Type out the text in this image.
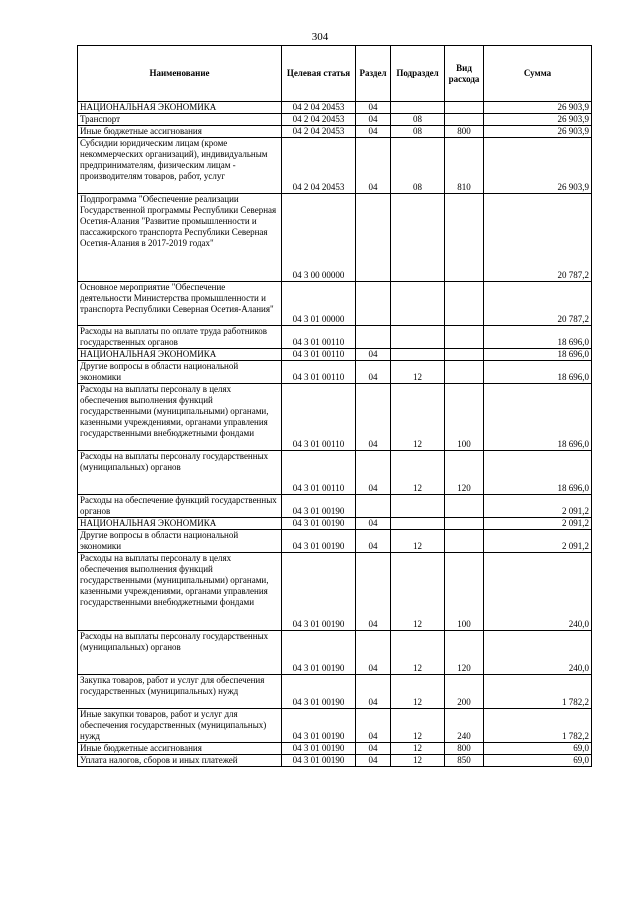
304
Наименование	Целевая статья	Раздел	Подраздел	Вид расхода	Сумма
НАЦИОНАЛЬНАЯ ЭКОНОМИКА	04 2 04 20453	04			26 903,9
Транспорт	04 2 04 20453	04	08		26 903,9
Иные бюджетные ассигнования	04 2 04 20453	04	08	800	26 903,9
Субсидии юридическим лицам (кроме некоммерческих организаций), индивидуальным предпринимателям, физическим лицам - производителям товаров, работ, услуг	04 2 04 20453	04	08	810	26 903,9
Подпрограмма "Обеспечение реализации Государственной программы Республики Северная Осетия-Алания "Развитие промышленности и пассажирского транспорта Республики Северная Осетия-Алания в 2017-2019 годах"	04 3 00 00000				20 787,2
Основное мероприятие "Обеспечение деятельности Министерства промышленности и транспорта Республики Северная Осетия-Алания"	04 3 01 00000				20 787,2
Расходы на выплаты по оплате труда работников государственных органов	04 3 01 00110				18 696,0
НАЦИОНАЛЬНАЯ ЭКОНОМИКА	04 3 01 00110	04			18 696,0
Другие вопросы в области национальной экономики	04 3 01 00110	04	12		18 696,0
Расходы на выплаты персоналу в целях обеспечения выполнения функций государственными (муниципальными) органами, казенными учреждениями, органами управления государственными внебюджетными фондами	04 3 01 00110	04	12	100	18 696,0
Расходы на выплаты персоналу государственных (муниципальных) органов	04 3 01 00110	04	12	120	18 696,0
Расходы на обеспечение функций государственных органов	04 3 01 00190				2 091,2
НАЦИОНАЛЬНАЯ ЭКОНОМИКА	04 3 01 00190	04			2 091,2
Другие вопросы в области национальной экономики	04 3 01 00190	04	12		2 091,2
Расходы на выплаты персоналу в целях обеспечения выполнения функций государственными (муниципальными) органами, казенными учреждениями, органами управления государственными внебюджетными фондами	04 3 01 00190	04	12	100	240,0
Расходы на выплаты персоналу государственных (муниципальных) органов	04 3 01 00190	04	12	120	240,0
Закупка товаров, работ и услуг для обеспечения государственных (муниципальных) нужд	04 3 01 00190	04	12	200	1 782,2
Иные закупки товаров, работ и услуг для обеспечения государственных (муниципальных) нужд	04 3 01 00190	04	12	240	1 782,2
Иные бюджетные ассигнования	04 3 01 00190	04	12	800	69,0
Уплата налогов, сборов и иных платежей	04 3 01 00190	04	12	850	69,0
